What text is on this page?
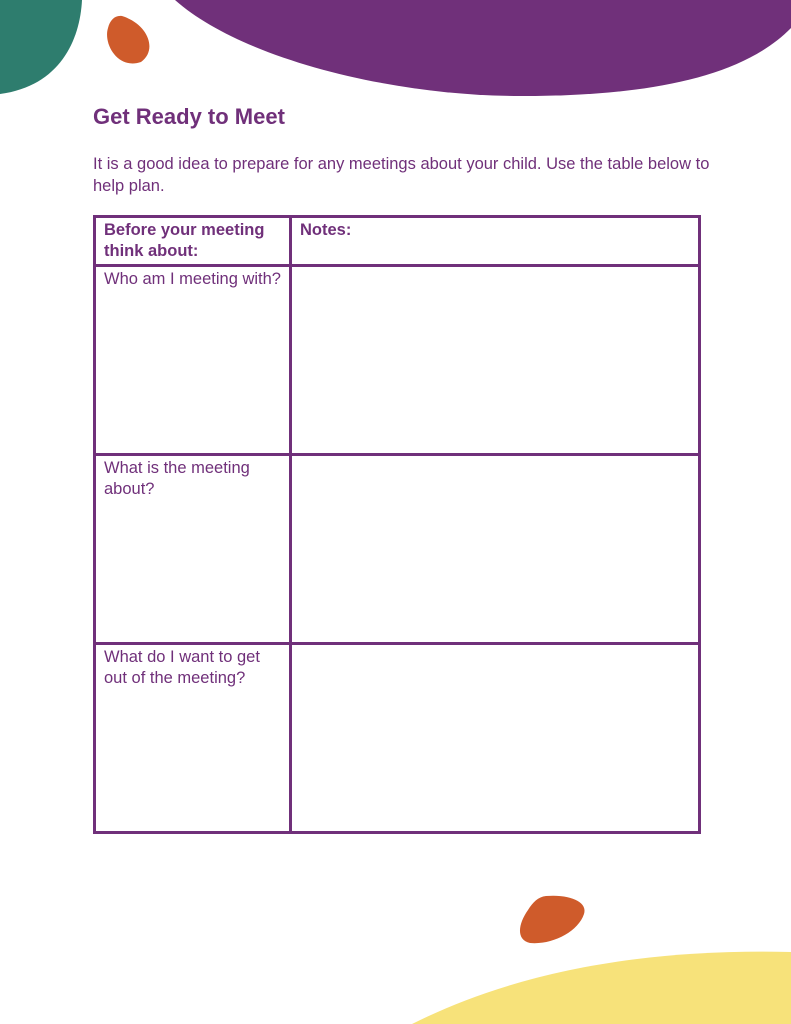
Get Ready to Meet

It is a good idea to prepare for any meetings about your child. Use the table below to help plan.

Before your meeting think about:	Notes:
Who am I meeting with?	
What is the meeting about?	
What do I want to get out of the meeting?	
